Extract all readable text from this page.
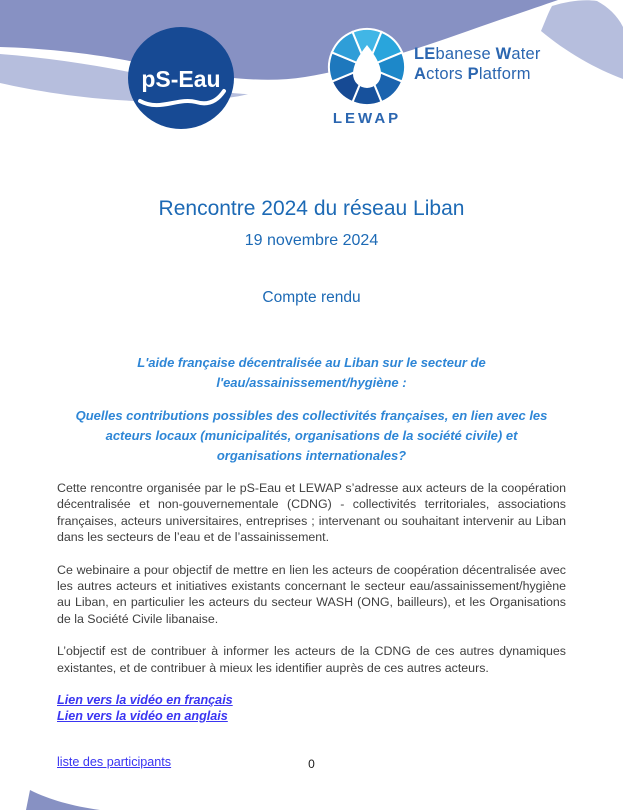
pS-Eau
LEbanese Water
Actors Platform
LEWAP
Rencontre 2024 du réseau Liban
19 novembre 2024
Compte rendu

L'aide française décentralisée au Liban sur le secteur de l'eau/assainissement/hygiène :

Quelles contributions possibles des collectivités françaises, en lien avec les acteurs locaux (municipalités, organisations de la société civile) et organisations internationales?

Cette rencontre organisée par le pS-Eau et LEWAP s’adresse aux acteurs de la coopération décentralisée et non-gouvernementale (CDNG) - collectivités territoriales, associations françaises, acteurs universitaires, entreprises ; intervenant ou souhaitant intervenir au Liban dans les secteurs de l’eau et de l’assainissement.

Ce webinaire a pour objectif de mettre en lien les acteurs de coopération décentralisée avec les autres acteurs et initiatives existants concernant le secteur eau/assainissement/hygiène au Liban, en particulier les acteurs du secteur WASH (ONG, bailleurs), et les Organisations de la Société Civile libanaise.

L’objectif est de contribuer à informer les acteurs de la CDNG de ces autres dynamiques existantes, et de contribuer à mieux les identifier auprès de ces autres acteurs.

Lien vers la vidéo en français
Lien vers la vidéo en anglais
liste des participants	0
